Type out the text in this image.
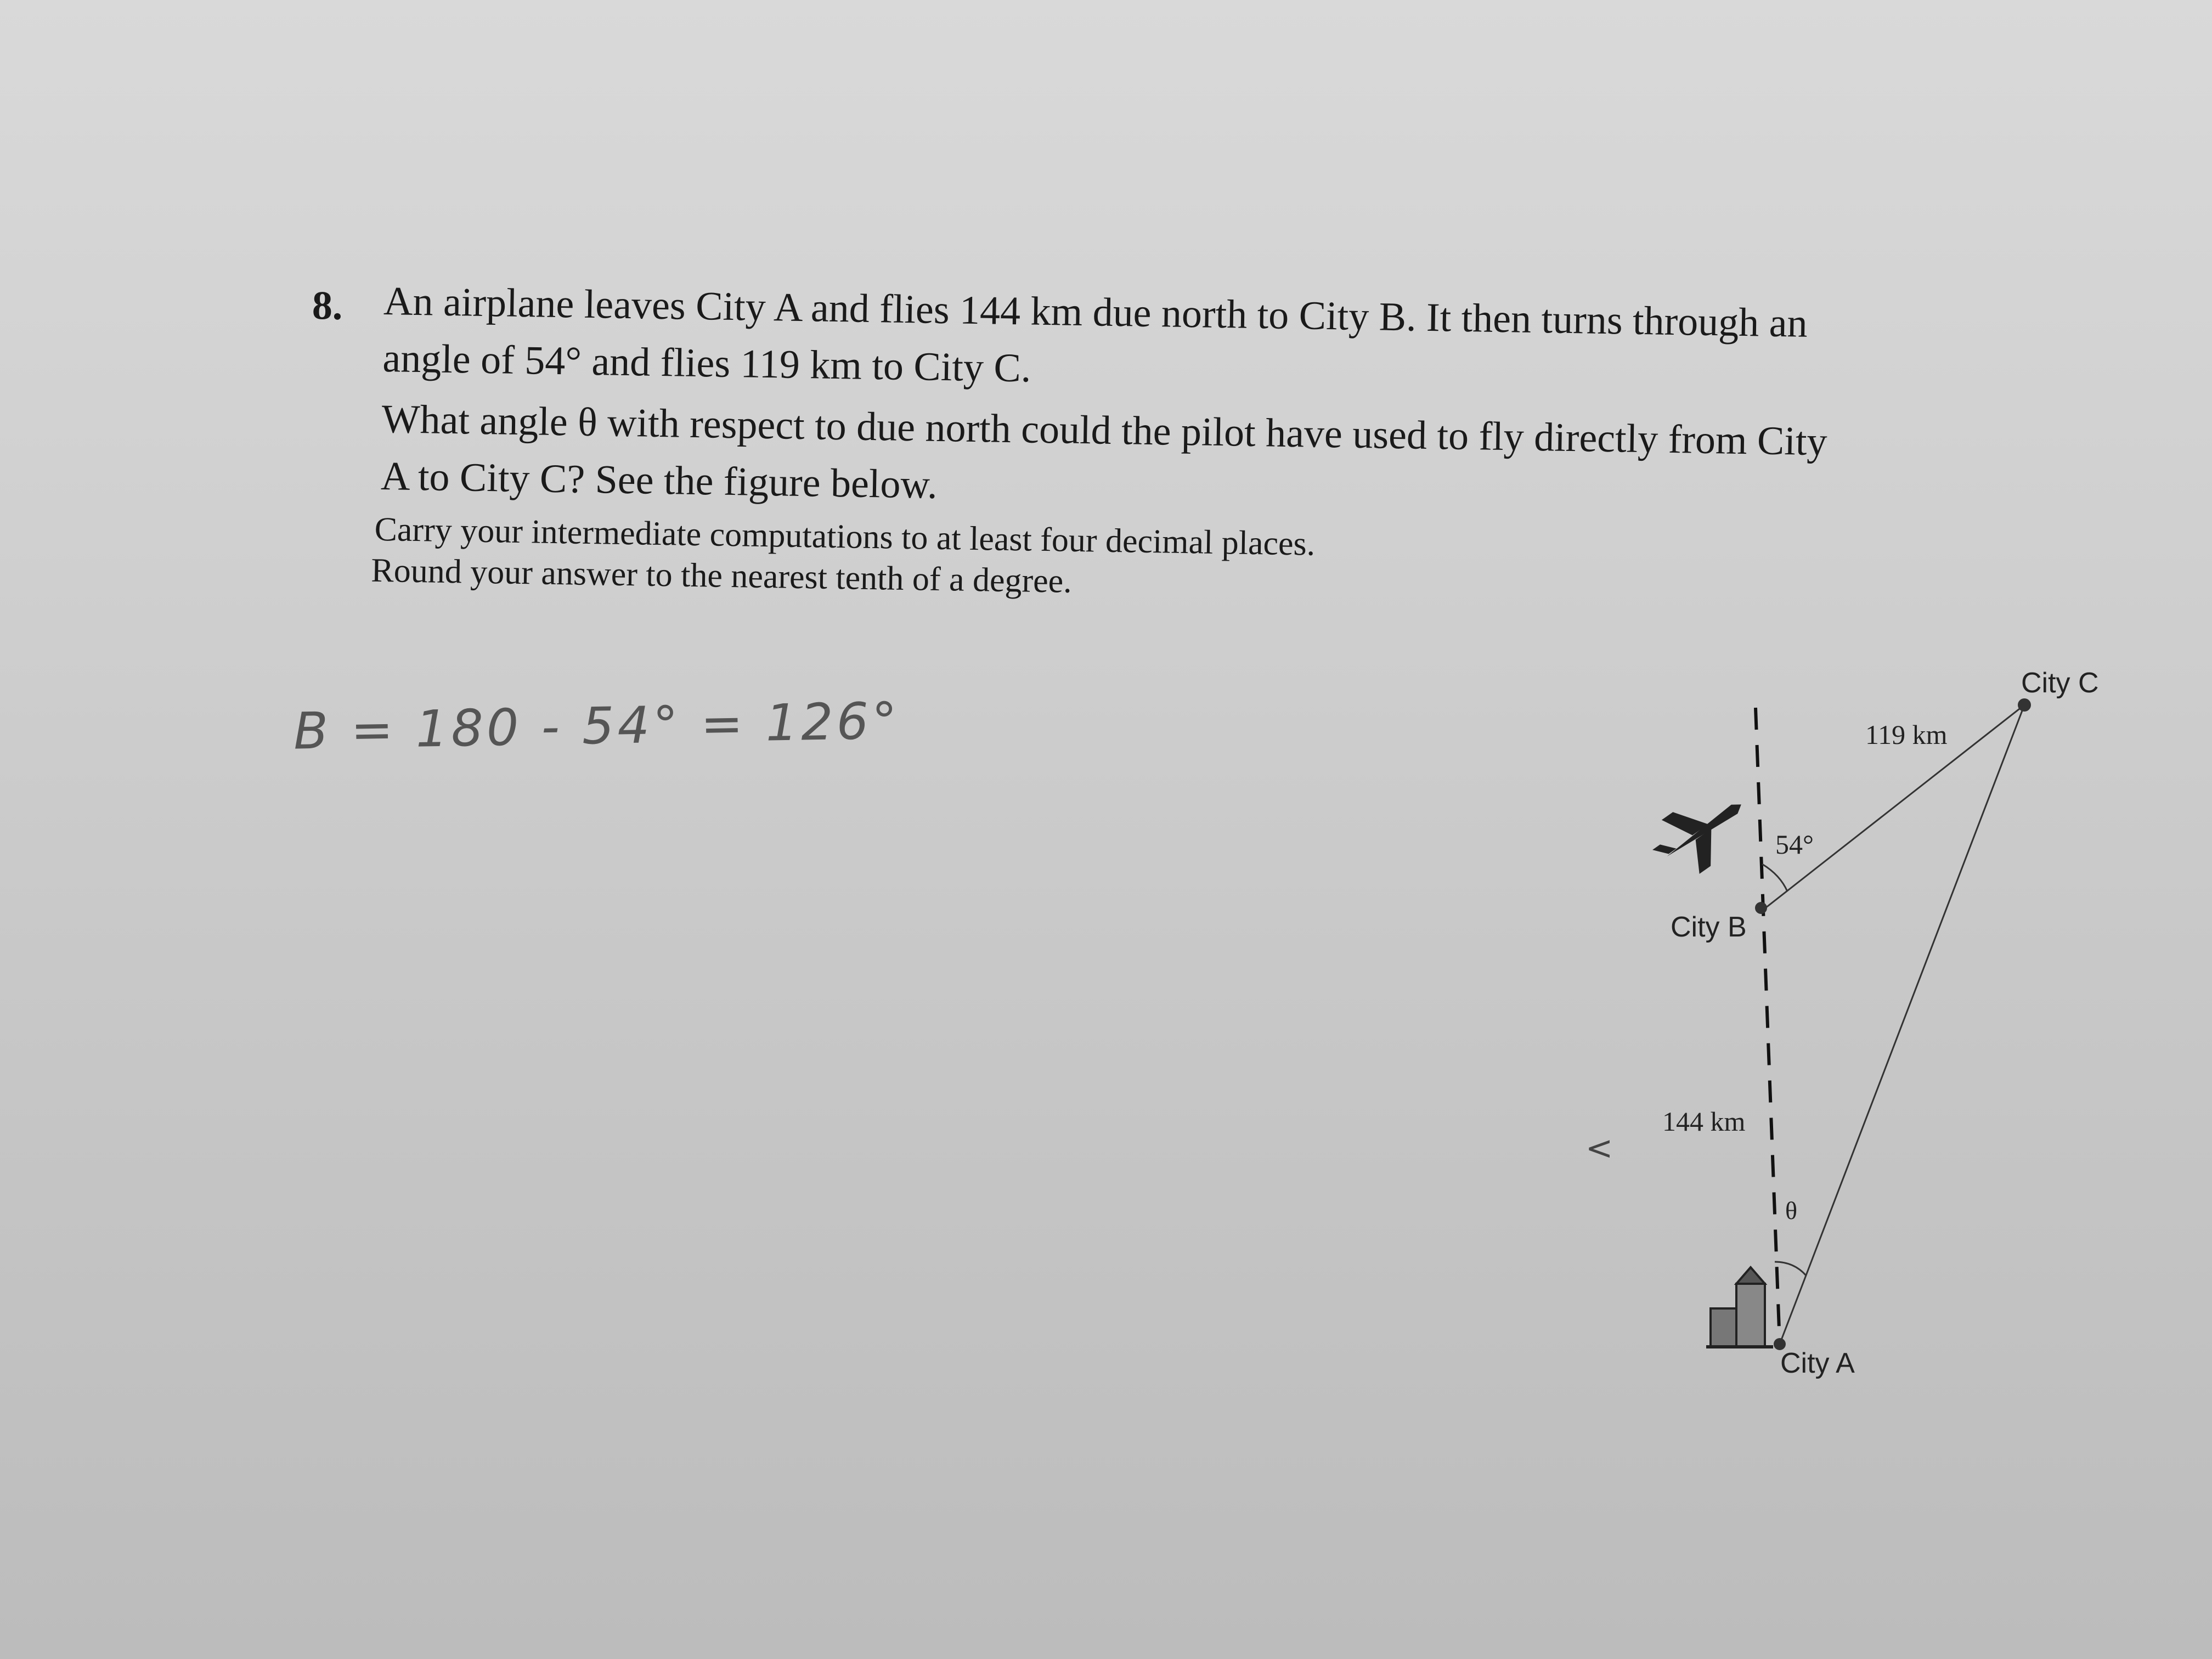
8. An airplane leaves City A and flies 144 km due north to City B. It then turns through an
angle of 54° and flies 119 km to City C.
What angle θ with respect to due north could the pilot have used to fly directly from City
A to City C? See the figure below.
Carry your intermediate computations to at least four decimal places.
Round your answer to the nearest tenth of a degree.
B = 180 - 54° = 126°
<
City C
119 km
54°
City B
144 km
θ
City A
